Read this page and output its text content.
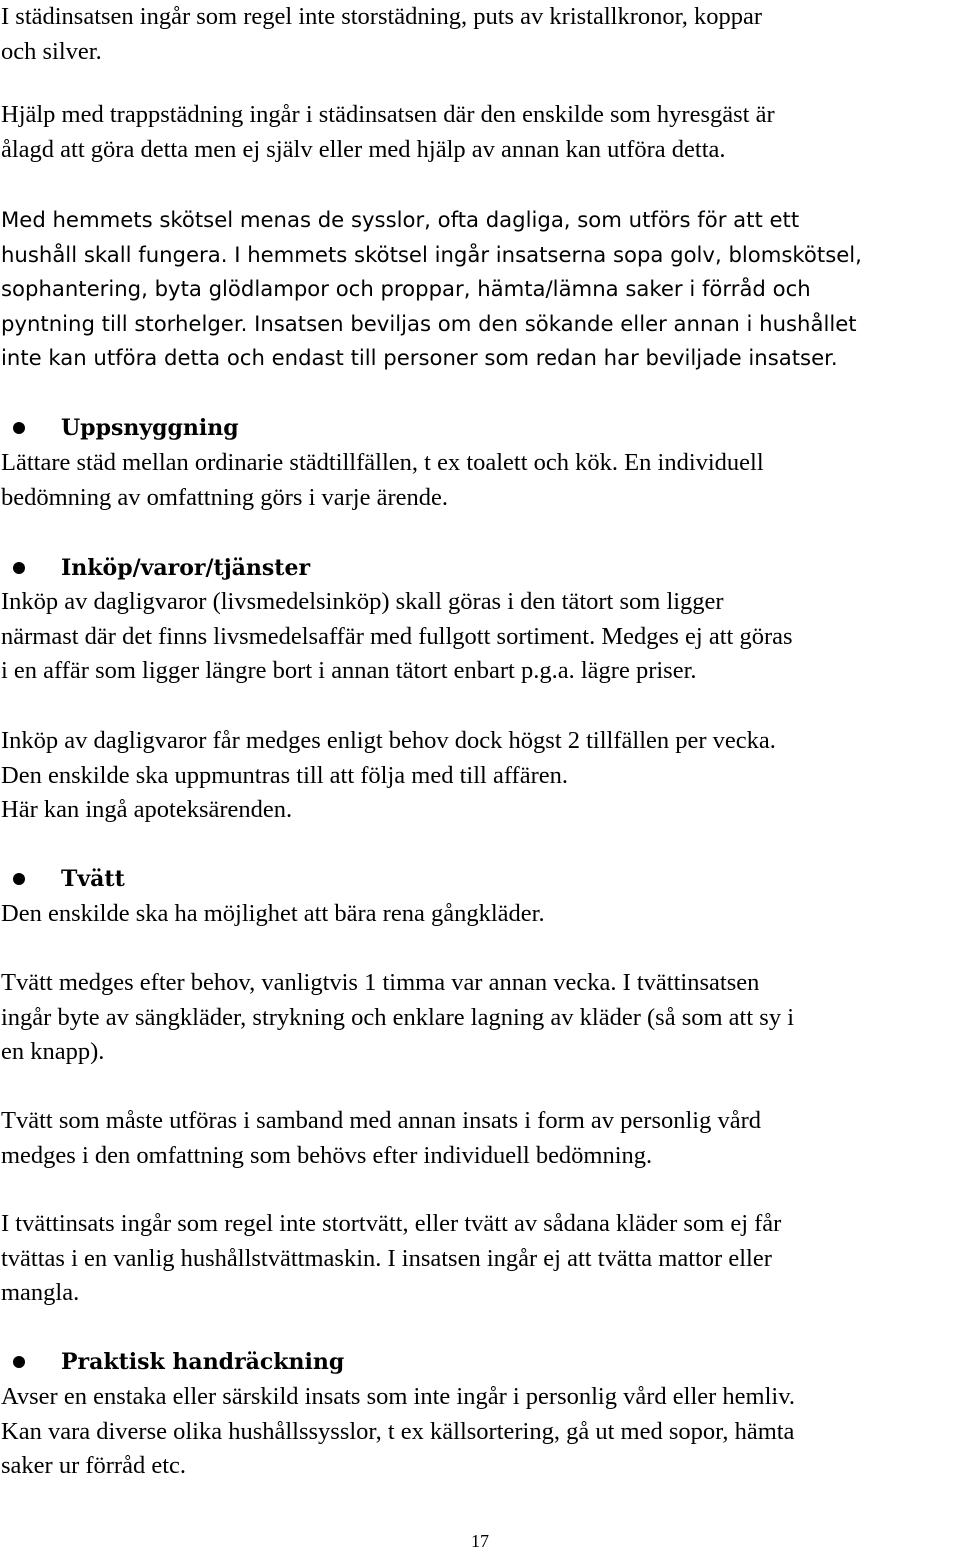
I städinsatsen ingår som regel inte storstädning, puts av kristallkronor, koppar
och silver.
Hjälp med trappstädning ingår i städinsatsen där den enskilde som hyresgäst är
ålagd att göra detta men ej själv eller med hjälp av annan kan utföra detta.
Med hemmets skötsel menas de sysslor, ofta dagliga, som utförs för att ett
hushåll skall fungera. I hemmets skötsel ingår insatserna sopa golv, blomskötsel,
sophantering, byta glödlampor och proppar, hämta/lämna saker i förråd och
pyntning till storhelger. Insatsen beviljas om den sökande eller annan i hushållet
inte kan utföra detta och endast till personer som redan har beviljade insatser.
Uppsnyggning
Lättare städ mellan ordinarie städtillfällen, t ex toalett och kök. En individuell
bedömning av omfattning görs i varje ärende.
Inköp/varor/tjänster
Inköp av dagligvaror (livsmedelsinköp) skall göras i den tätort som ligger
närmast där det finns livsmedelsaffär med fullgott sortiment. Medges ej att göras
i en affär som ligger längre bort i annan tätort enbart p.g.a. lägre priser.
Inköp av dagligvaror får medges enligt behov dock högst 2 tillfällen per vecka.
Den enskilde ska uppmuntras till att följa med till affären.
Här kan ingå apoteksärenden.
Tvätt
Den enskilde ska ha möjlighet att bära rena gångkläder.
Tvätt medges efter behov, vanligtvis 1 timma var annan vecka. I tvättinsatsen
ingår byte av sängkläder, strykning och enklare lagning av kläder (så som att sy i
en knapp).
Tvätt som måste utföras i samband med annan insats i form av personlig vård
medges i den omfattning som behövs efter individuell bedömning.
I tvättinsats ingår som regel inte stortvätt, eller tvätt av sådana kläder som ej får
tvättas i en vanlig hushållstvättmaskin. I insatsen ingår ej att tvätta mattor eller
mangla.
Praktisk handräckning
Avser en enstaka eller särskild insats som inte ingår i personlig vård eller hemliv.
Kan vara diverse olika hushållssysslor, t ex källsortering, gå ut med sopor, hämta
saker ur förråd etc.
17
